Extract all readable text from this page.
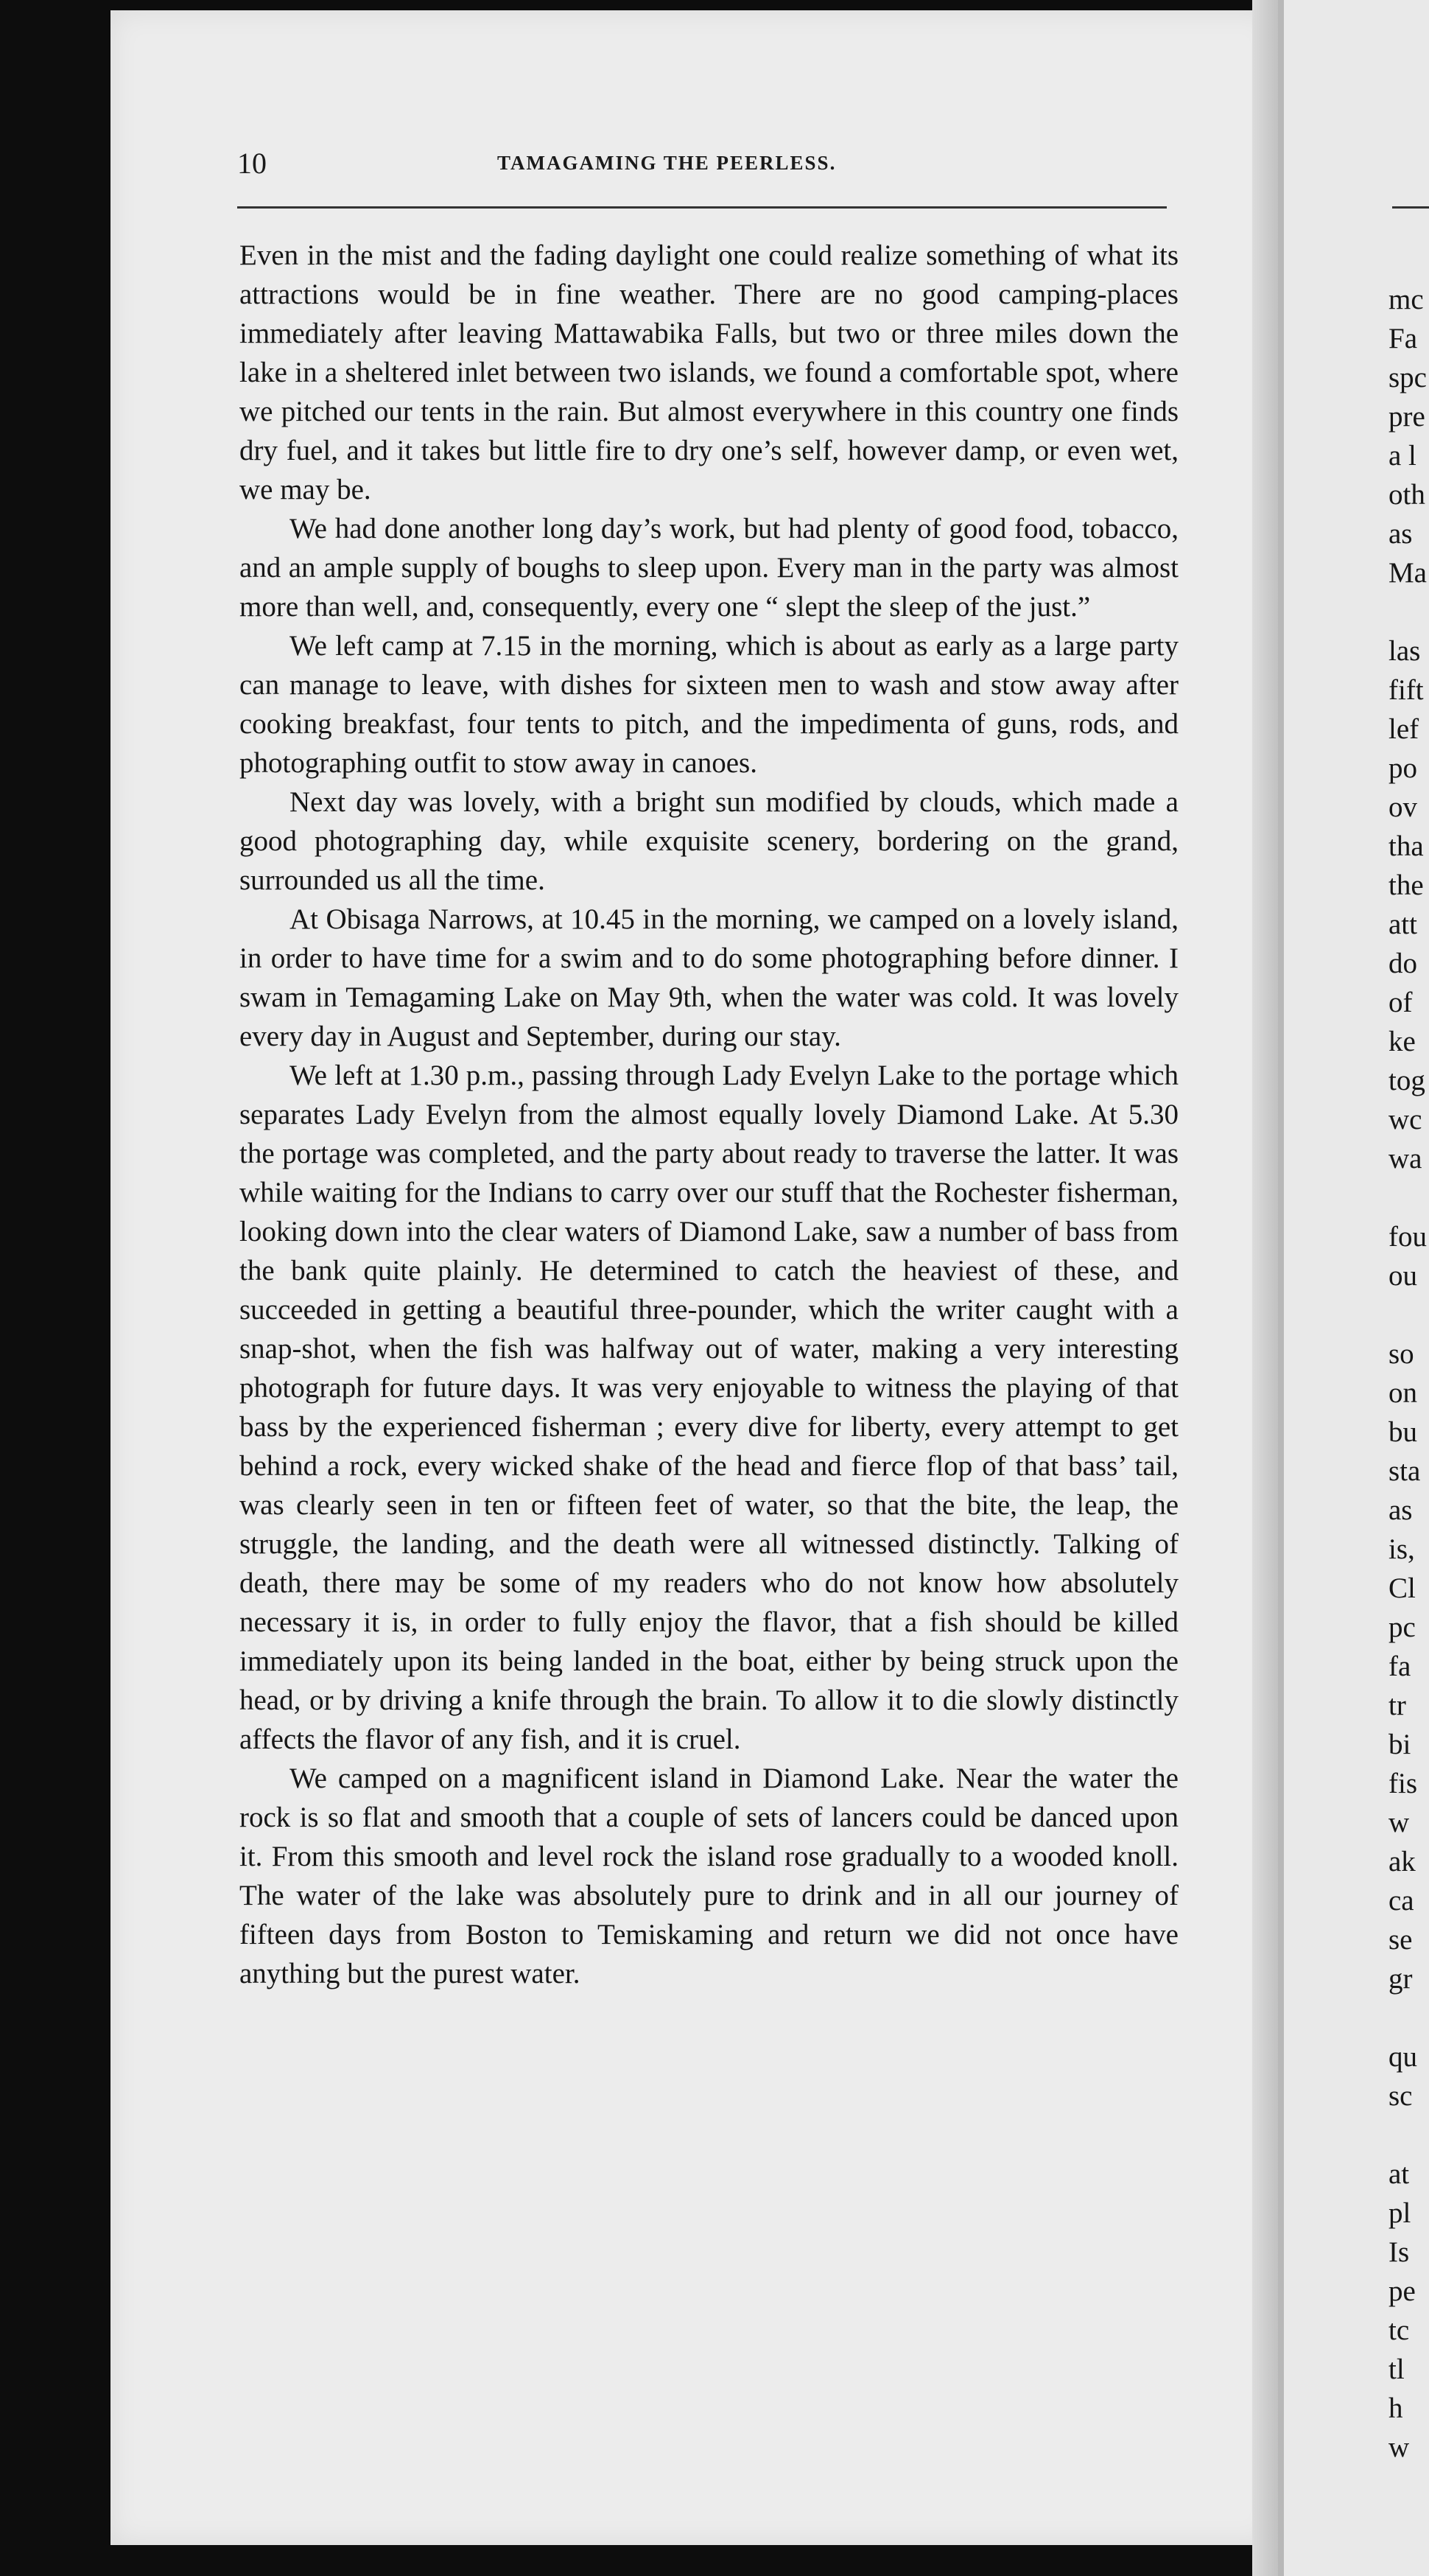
10	TAMAGAMING THE PEERLESS.

Even in the mist and the fading daylight one could realize something of what its attractions would be in fine weather. There are no good camping-places immediately after leaving Mattawabika Falls, but two or three miles down the lake in a sheltered inlet between two islands, we found a comfortable spot, where we pitched our tents in the rain. But almost everywhere in this country one finds dry fuel, and it takes but little fire to dry one’s self, however damp, or even wet, we may be.

We had done another long day’s work, but had plenty of good food, tobacco, and an ample supply of boughs to sleep upon. Every man in the party was almost more than well, and, consequently, every one “ slept the sleep of the just.”

We left camp at 7.15 in the morning, which is about as early as a large party can manage to leave, with dishes for sixteen men to wash and stow away after cooking breakfast, four tents to pitch, and the impedimenta of guns, rods, and photographing outfit to stow away in canoes.

Next day was lovely, with a bright sun modified by clouds, which made a good photographing day, while exquisite scenery, bordering on the grand, surrounded us all the time.

At Obisaga Narrows, at 10.45 in the morning, we camped on a lovely island, in order to have time for a swim and to do some photographing before dinner. I swam in Temagaming Lake on May 9th, when the water was cold. It was lovely every day in August and September, during our stay.

We left at 1.30 p.m., passing through Lady Evelyn Lake to the portage which separates Lady Evelyn from the almost equally lovely Diamond Lake. At 5.30 the portage was completed, and the party about ready to traverse the latter. It was while waiting for the Indians to carry over our stuff that the Rochester fisherman, looking down into the clear waters of Diamond Lake, saw a number of bass from the bank quite plainly. He determined to catch the heaviest of these, and succeeded in getting a beautiful three-pounder, which the writer caught with a snap-shot, when the fish was halfway out of water, making a very interesting photograph for future days. It was very enjoyable to witness the playing of that bass by the experienced fisherman ; every dive for liberty, every attempt to get behind a rock, every wicked shake of the head and fierce flop of that bass’ tail, was clearly seen in ten or fifteen feet of water, so that the bite, the leap, the struggle, the landing, and the death were all witnessed distinctly. Talking of death, there may be some of my readers who do not know how absolutely necessary it is, in order to fully enjoy the flavor, that a fish should be killed immediately upon its being landed in the boat, either by being struck upon the head, or by driving a knife through the brain. To allow it to die slowly distinctly affects the flavor of any fish, and it is cruel.

We camped on a magnificent island in Diamond Lake. Near the water the rock is so flat and smooth that a couple of sets of lancers could be danced upon it. From this smooth and level rock the island rose gradually to a wooded knoll. The water of the lake was absolutely pure to drink and in all our journey of fifteen days from Boston to Temiskaming and return we did not once have anything but the purest water.

mc
Fa
spc
pre
a l
oth
as
Ma
las
fift
lef
po
ov
tha
the
att
do
of
ke
tog
wc
wa
fou
ou
so
on
bu
sta
as
is,
Cl
pc
fa
tr
bi
fis
w
ak
ca
se
gr
qu
sc
at
pl
Is
pe
tc
tl
h
w
